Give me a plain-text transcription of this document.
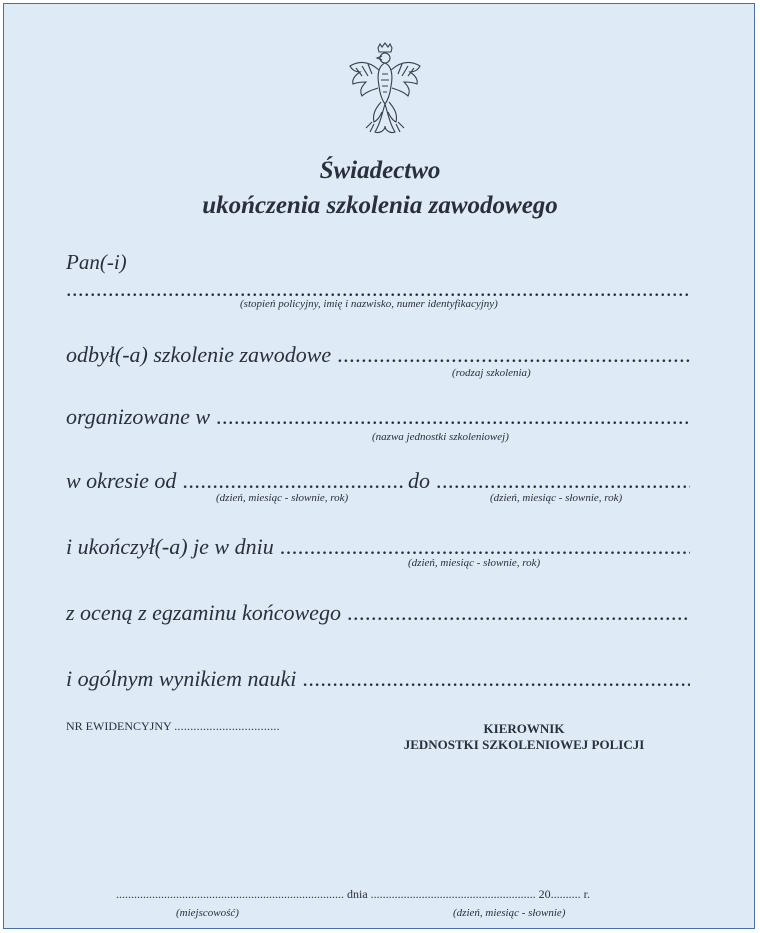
Świadectwo
ukończenia szkolenia zawodowego
Pan(-i)
.....
(stopień policyjny, imię i nazwisko, numer identyfikacyjny)
odbył(-a) szkolenie zawodowe
.....
(rodzaj szkolenia)
organizowane w
.....
(nazwa jednostki szkoleniowej)
w okresie od
.....	do
.....
(dzień, miesiąc - słownie, rok)	(dzień, miesiąc - słownie, rok)
i ukończył(-a) je w dniu
.....
(dzień, miesiąc - słownie, rok)
z oceną z egzaminu końcowego
.....
i ogólnym wynikiem nauki
.....
NR EWIDENCYJNY .................................	KIEROWNIK
JEDNOSTKI SZKOLENIOWEJ POLICJI
............................................................................ dnia ....................................................... 20.......... r.
(miejscowość)	(dzień, miesiąc - słownie)
